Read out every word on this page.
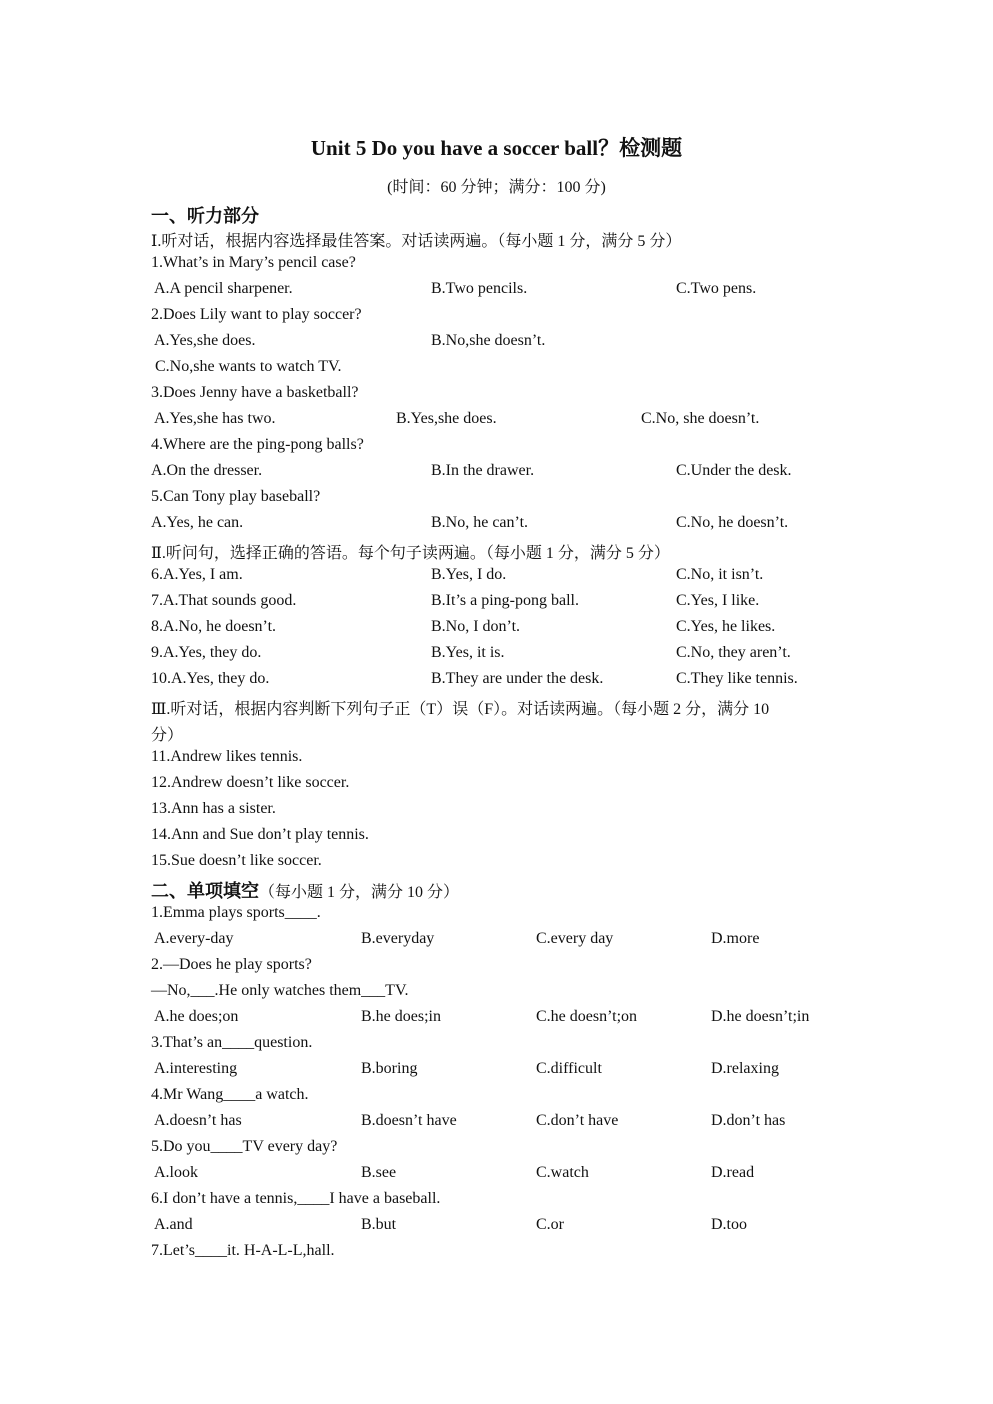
Unit 5 Do you have a soccer ball？检测题
(时间：60 分钟；满分：100 分)
一、听力部分
Ⅰ.听对话，根据内容选择最佳答案。对话读两遍。（每小题 1 分，满分 5 分）
1.What’s in Mary’s pencil case?
A.A pencil sharpener.	B.Two pencils.	C.Two pens.
2.Does Lily want to play soccer?
A.Yes,she does.	B.No,she doesn’t.
C.No,she wants to watch TV.
3.Does Jenny have a basketball?
A.Yes,she has two.	B.Yes,she does.	C.No, she doesn’t.
4.Where are the ping-pong balls?
A.On the dresser.	B.In the drawer.	C.Under the desk.
5.Can Tony play baseball?
A.Yes, he can.	B.No, he can’t.	C.No, he doesn’t.
Ⅱ.听问句，选择正确的答语。每个句子读两遍。（每小题 1 分，满分 5 分）
6.A.Yes, I am.	B.Yes, I do.	C.No, it isn’t.
7.A.That sounds good.	B.It’s a ping-pong ball.	C.Yes, I like.
8.A.No, he doesn’t.	B.No, I don’t.	C.Yes, he likes.
9.A.Yes, they do.	B.Yes, it is.	C.No, they aren’t.
10.A.Yes, they do.	B.They are under the desk.	C.They like tennis.
Ⅲ.听对话，根据内容判断下列句子正（T）误（F）。对话读两遍。（每小题 2 分，满分 10
分）
11.Andrew likes tennis.
12.Andrew doesn’t like soccer.
13.Ann has a sister.
14.Ann and Sue don’t play tennis.
15.Sue doesn’t like soccer.
二、单项填空（每小题 1 分，满分 10 分）
1.Emma plays sports____.
A.every-day	B.everyday	C.every day	D.more
2.—Does he play sports?
—No,___.He only watches them___TV.
A.he does;on	B.he does;in	C.he doesn’t;on	D.he doesn’t;in
3.That’s an____question.
A.interesting	B.boring	C.difficult	D.relaxing
4.Mr Wang____a watch.
A.doesn’t has	B.doesn’t have	C.don’t have	D.don’t has
5.Do you____TV every day?
A.look	B.see	C.watch	D.read
6.I don’t have a tennis,____I have a baseball.
A.and	B.but	C.or	D.too
7.Let’s____it. H-A-L-L,hall.
